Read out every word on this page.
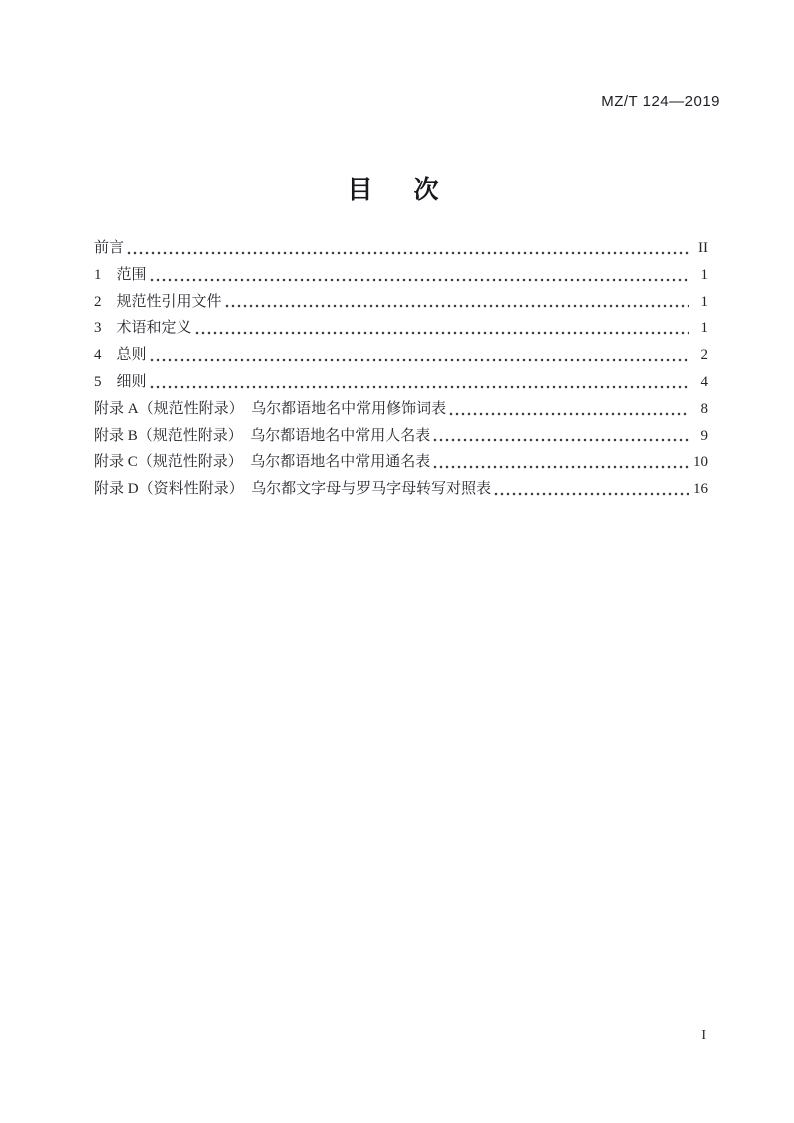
MZ/T 124—2019
目　次
前言	II
1　范围	1
2　规范性引用文件	1
3　术语和定义	1
4　总则	2
5　细则	4
附录 A（规范性附录）　乌尔都语地名中常用修饰词表	8
附录 B（规范性附录）　乌尔都语地名中常用人名表	9
附录 C（规范性附录）　乌尔都语地名中常用通名表	10
附录 D（资料性附录）　乌尔都文字母与罗马字母转写对照表	16
I
